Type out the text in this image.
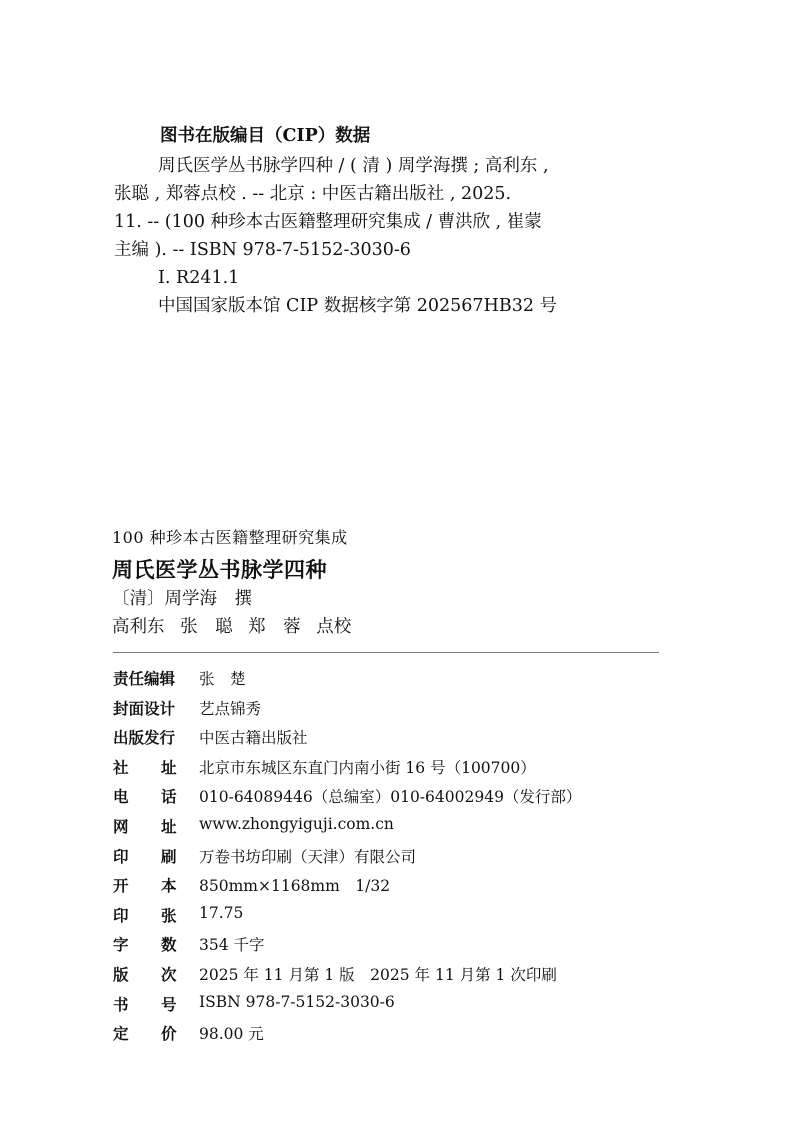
图书在版编目（CIP）数据
周氏医学丛书脉学四种 / ( 清 ) 周学海撰 ; 高利东 ,
张聪 , 郑蓉点校 . -- 北京 : 中医古籍出版社 , 2025.
11. -- (100 种珍本古医籍整理研究集成 / 曹洪欣 , 崔蒙
主编 ). -- ISBN 978-7-5152-3030-6
Ⅰ. R241.1
中国国家版本馆 CIP 数据核字第 202567HB32 号
100 种珍本古医籍整理研究集成
周氏医学丛书脉学四种
〔清〕周学海　撰
高利东 张　聪 郑　蓉 点校
责任编辑	张　楚
封面设计	艺点锦秀
出版发行	中医古籍出版社
社 址 北京市东城区东直门内南小街 16 号（100700）
电 话 010-64089446（总编室）010-64002949（发行部）
网 址 www.zhongyiguji.com.cn
印 刷 万卷书坊印刷（天津）有限公司
开 本 850mm×1168mm　1/32
印 张 17.75
字 数 354 千字
版 次 2025 年 11 月第 1 版　2025 年 11 月第 1 次印刷
书 号 ISBN 978-7-5152-3030-6
定 价 98.00 元
